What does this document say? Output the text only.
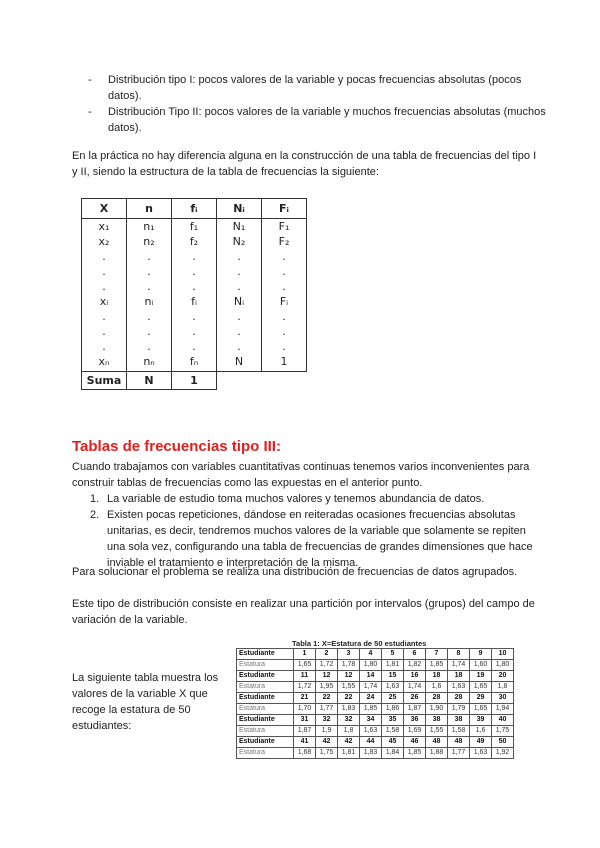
- Distribución tipo I: pocos valores de la variable y pocas frecuencias absolutas (pocos datos).
- Distribución Tipo II: pocos valores de la variable y muchos frecuencias absolutas (muchos datos).
En la práctica no hay diferencia alguna en la construcción de una tabla de frecuencias del tipo I y II, siendo la estructura de la tabla de frecuencias la siguiente:
X	n	fᵢ	Nᵢ	Fᵢ
x₁	n₁	f₁	N₁	F₁
x₂	n₂	f₂	N₂	F₂
.	.	.	.	.
.	.	.	.	.
.	.	.	.	.
xᵢ	nᵢ	fᵢ	Nᵢ	Fᵢ
.	.	.	.	.
.	.	.	.	.
.	.	.	.	.
xₙ	nₙ	fₙ	N	1
Suma	N	1		
Tablas de frecuencias tipo III:
Cuando trabajamos con variables cuantitativas continuas tenemos varios inconvenientes para construir tablas de frecuencias como las expuestas en el anterior punto.
1. La variable de estudio toma muchos valores y tenemos abundancia de datos.
2. Existen pocas repeticiones, dándose en reiteradas ocasiones frecuencias absolutas unitarias, es decir, tendremos muchos valores de la variable que solamente se repiten una sola vez, configurando una tabla de frecuencias de grandes dimensiones que hace inviable el tratamiento e interpretación de la misma.
Para solucionar el problema se realiza una distribución de frecuencias de datos agrupados.
Este tipo de distribución consiste en realizar una partición por intervalos (grupos) del campo de variación de la variable.
La siguiente tabla muestra los valores de la variable X que recoge la estatura de 50 estudiantes:
Tabla 1: X=Estatura de 50 estudiantes
Estudiante	1	2	3	4	5	6	7	8	9	10
Estatura	1,65	1,72	1,78	1,80	1,81	1,82	1,85	1,74	1,60	1,80
Estudiante	11	12	12	14	15	16	18	18	19	20
Estatura	1,72	1,95	1,55	1,74	1,63	1,74	1,6	1,63	1,65	1,8
Estudiante	21	22	22	24	25	26	28	28	29	30
Estatura	1,70	1,77	1,83	1,85	1,86	1,87	1,90	1,79	1,65	1,94
Estudiante	31	32	32	34	35	36	38	38	39	40
Estatura	1,87	1,9	1,8	1,63	1,58	1,69	1,55	1,58	1,6	1,75
Estudiante	41	42	42	44	45	46	48	48	49	50
Estatura	1,68	1,75	1,81	1,83	1,84	1,85	1,88	1,77	1,63	1,92
